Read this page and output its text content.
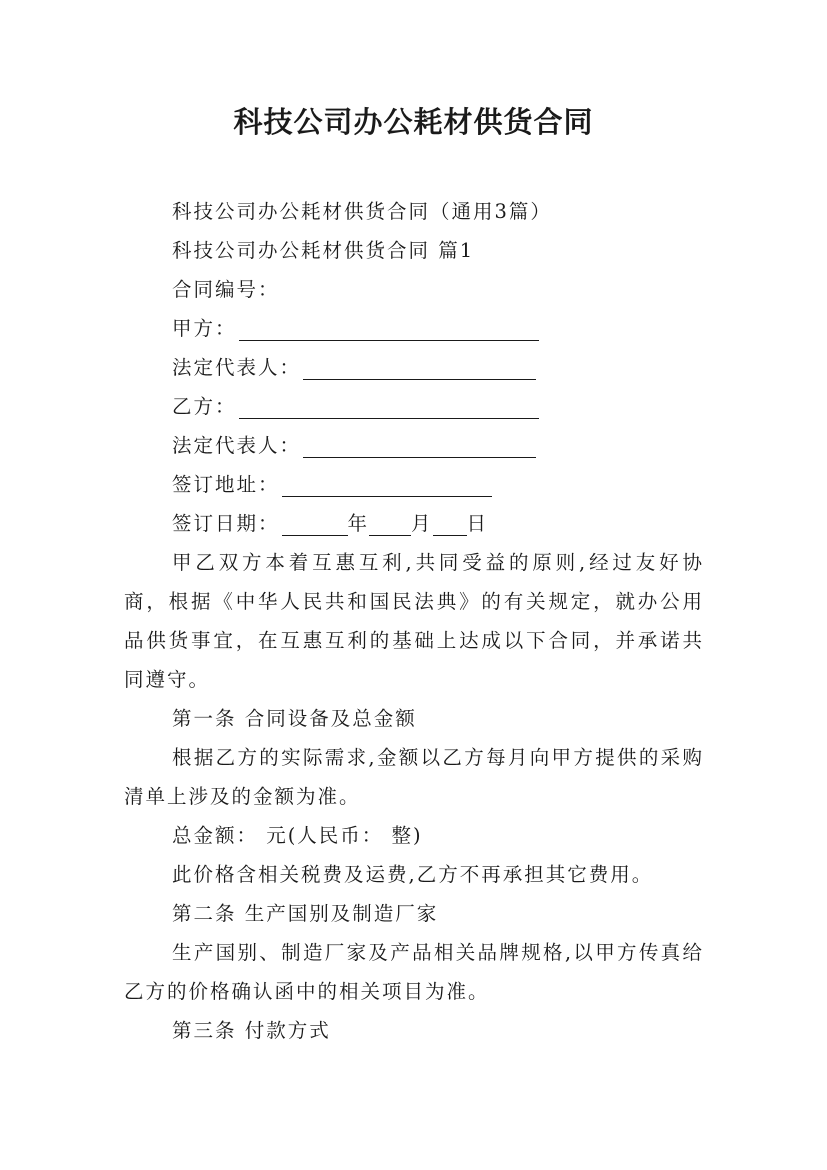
科技公司办公耗材供货合同

科技公司办公耗材供货合同（通用3篇）

科技公司办公耗材供货合同 篇1

合同编号：

甲方：

法定代表人：

乙方：

法定代表人：

签订地址：

签订日期：	年 月 日

甲乙双方本着互惠互利,共同受益的原则,经过友好协商，根据《中华人民共和国民法典》的有关规定，就办公用品供货事宜，在互惠互利的基础上达成以下合同，并承诺共同遵守。

第一条 合同设备及总金额

根据乙方的实际需求,金额以乙方每月向甲方提供的采购清单上涉及的金额为准。

总金额： 元(人民币： 整)

此价格含相关税费及运费,乙方不再承担其它费用。

第二条 生产国别及制造厂家

生产国别、制造厂家及产品相关品牌规格,以甲方传真给乙方的价格确认函中的相关项目为准。

第三条 付款方式
